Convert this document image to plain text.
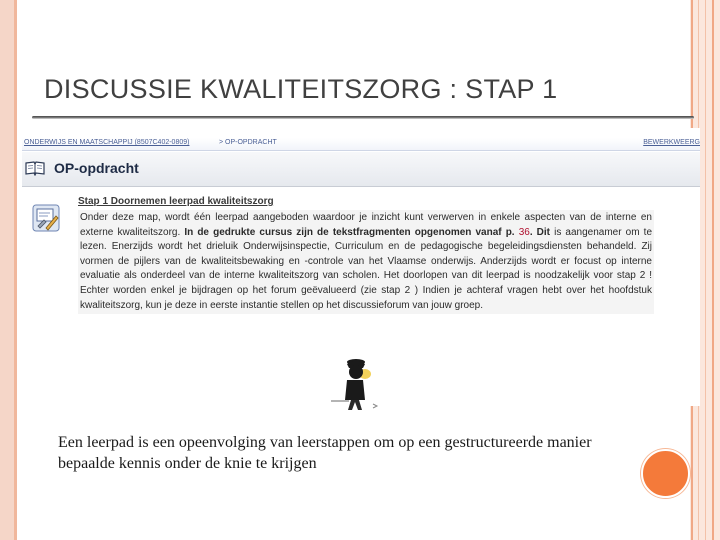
DISCUSSIE KWALITEITSZORG : STAP 1
ONDERWIJS EN MAATSCHAPPIJ (8507C402-0809)	> OP-OPDRACHT	BEWERKWEERG
OP-opdracht
Stap 1 Doornemen leerpad kwaliteitszorg
Onder deze map, wordt één leerpad aangeboden waardoor je inzicht kunt verwerven in enkele aspecten van de interne en externe kwaliteitszorg. In de gedrukte cursus zijn de tekstfragmenten opgenomen vanaf p. 36. Dit is aangenamer om te lezen. Enerzijds wordt het drieluik Onderwijsinspectie, Curriculum en de pedagogische begeleidingsdiensten behandeld. Zij vormen de pijlers van de kwaliteitsbewaking en -controle van het Vlaamse onderwijs. Anderzijds wordt er focust op interne evaluatie als onderdeel van de interne kwaliteitszorg van scholen. Het doorlopen van dit leerpad is noodzakelijk voor stap 2 ! Echter worden enkel je bijdragen op het forum geëvalueerd (zie stap 2 ) Indien je achteraf vragen hebt over het hoofdstuk kwaliteitszorg, kun je deze in eerste instantie stellen op het discussieforum van jouw groep.
Een leerpad is een opeenvolging van leerstappen om op een gestructureerde manier bepaalde kennis onder de knie te krijgen
